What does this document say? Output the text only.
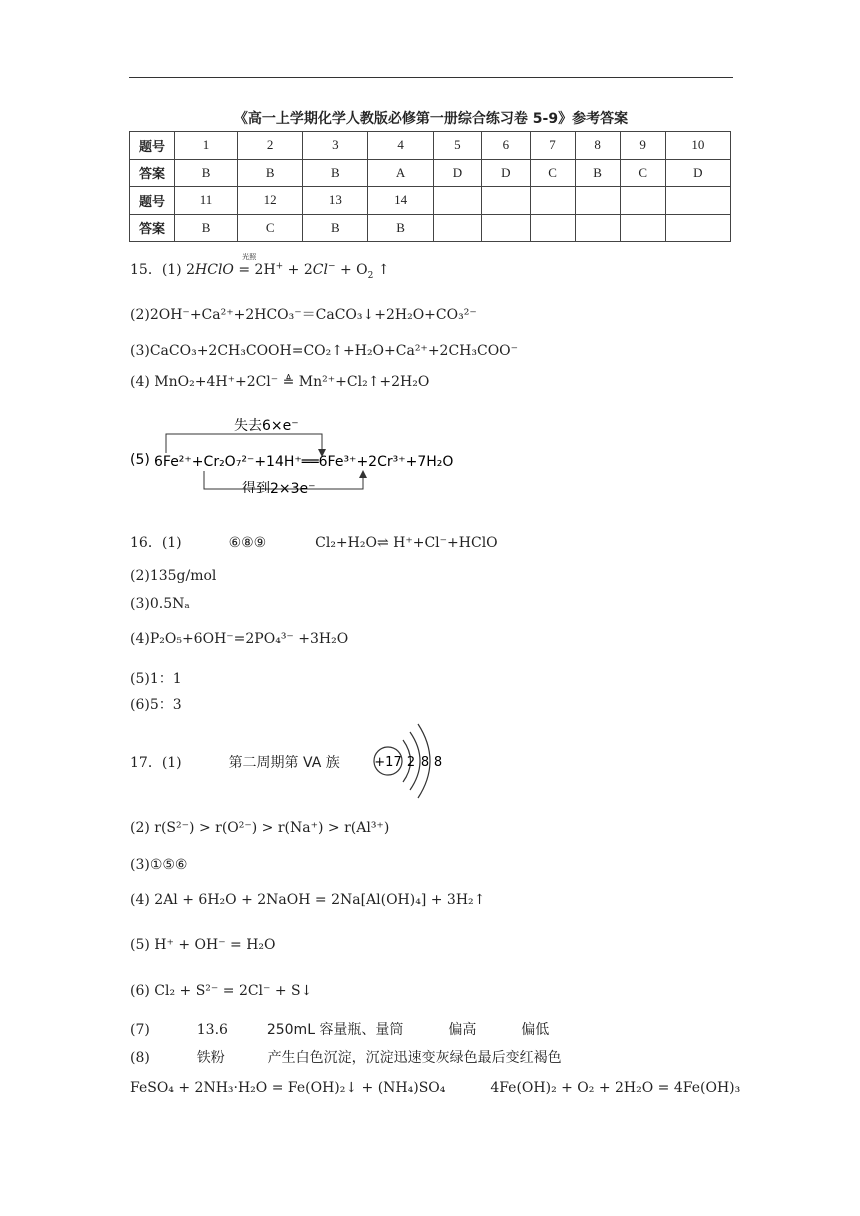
《高一上学期化学人教版必修第一册综合练习卷 5-9》参考答案
题号	1	2	3	4	5	6	7	8	9	10
答案	B	B	B	A	D	D	C	B	C	D
题号	11	12	13	14						
答案	B	C	B	B						
15．(1)
光照
2HClO = $2H^+ + 2Cl^- + O_2$ ↑
(2)2OH⁻+Ca²⁺+2HCO₃⁻＝CaCO₃↓+2H₂O+CO₃²⁻
(3)CaCO₃+2CH₃COOH=CO₂↑+H₂O+Ca²⁺+2CH₃COO⁻
(4) MnO₂+4H⁺+2Cl⁻ ≜ Mn²⁺+Cl₂↑+2H₂O
(5)
失去6×e⁻
6Fe²⁺+Cr₂O₇²⁻+14H⁺══6Fe³⁺+2Cr³⁺+7H₂O
得到2×3e⁻
16．(1)	⑥⑧⑨	Cl₂+H₂O⇌ H⁺+Cl⁻+HClO
(2)135g/mol
(3)0.5Nₐ
(4)P₂O₅+6OH⁻=2PO₄³⁻ +3H₂O
(5)1：1
(6)5：3
17．(1)	第二周期第 VA 族	+17 2 8 8
(2) r(S²⁻) > r(O²⁻) > r(Na⁺) > r(Al³⁺)
(3)①⑤⑥
(4) 2Al + 6H₂O + 2NaOH = 2Na[Al(OH)₄] + 3H₂↑
(5) H⁺ + OH⁻ = H₂O
(6) Cl₂ + S²⁻ = 2Cl⁻ + S↓
(7)	13.6	250mL 容量瓶、量筒	偏高	偏低
(8)	铁粉	产生白色沉淀，沉淀迅速变灰绿色最后变红褐色
FeSO₄ + 2NH₃·H₂O = Fe(OH)₂↓ + (NH₄)SO₄	4Fe(OH)₂ + O₂ + 2H₂O = 4Fe(OH)₃
